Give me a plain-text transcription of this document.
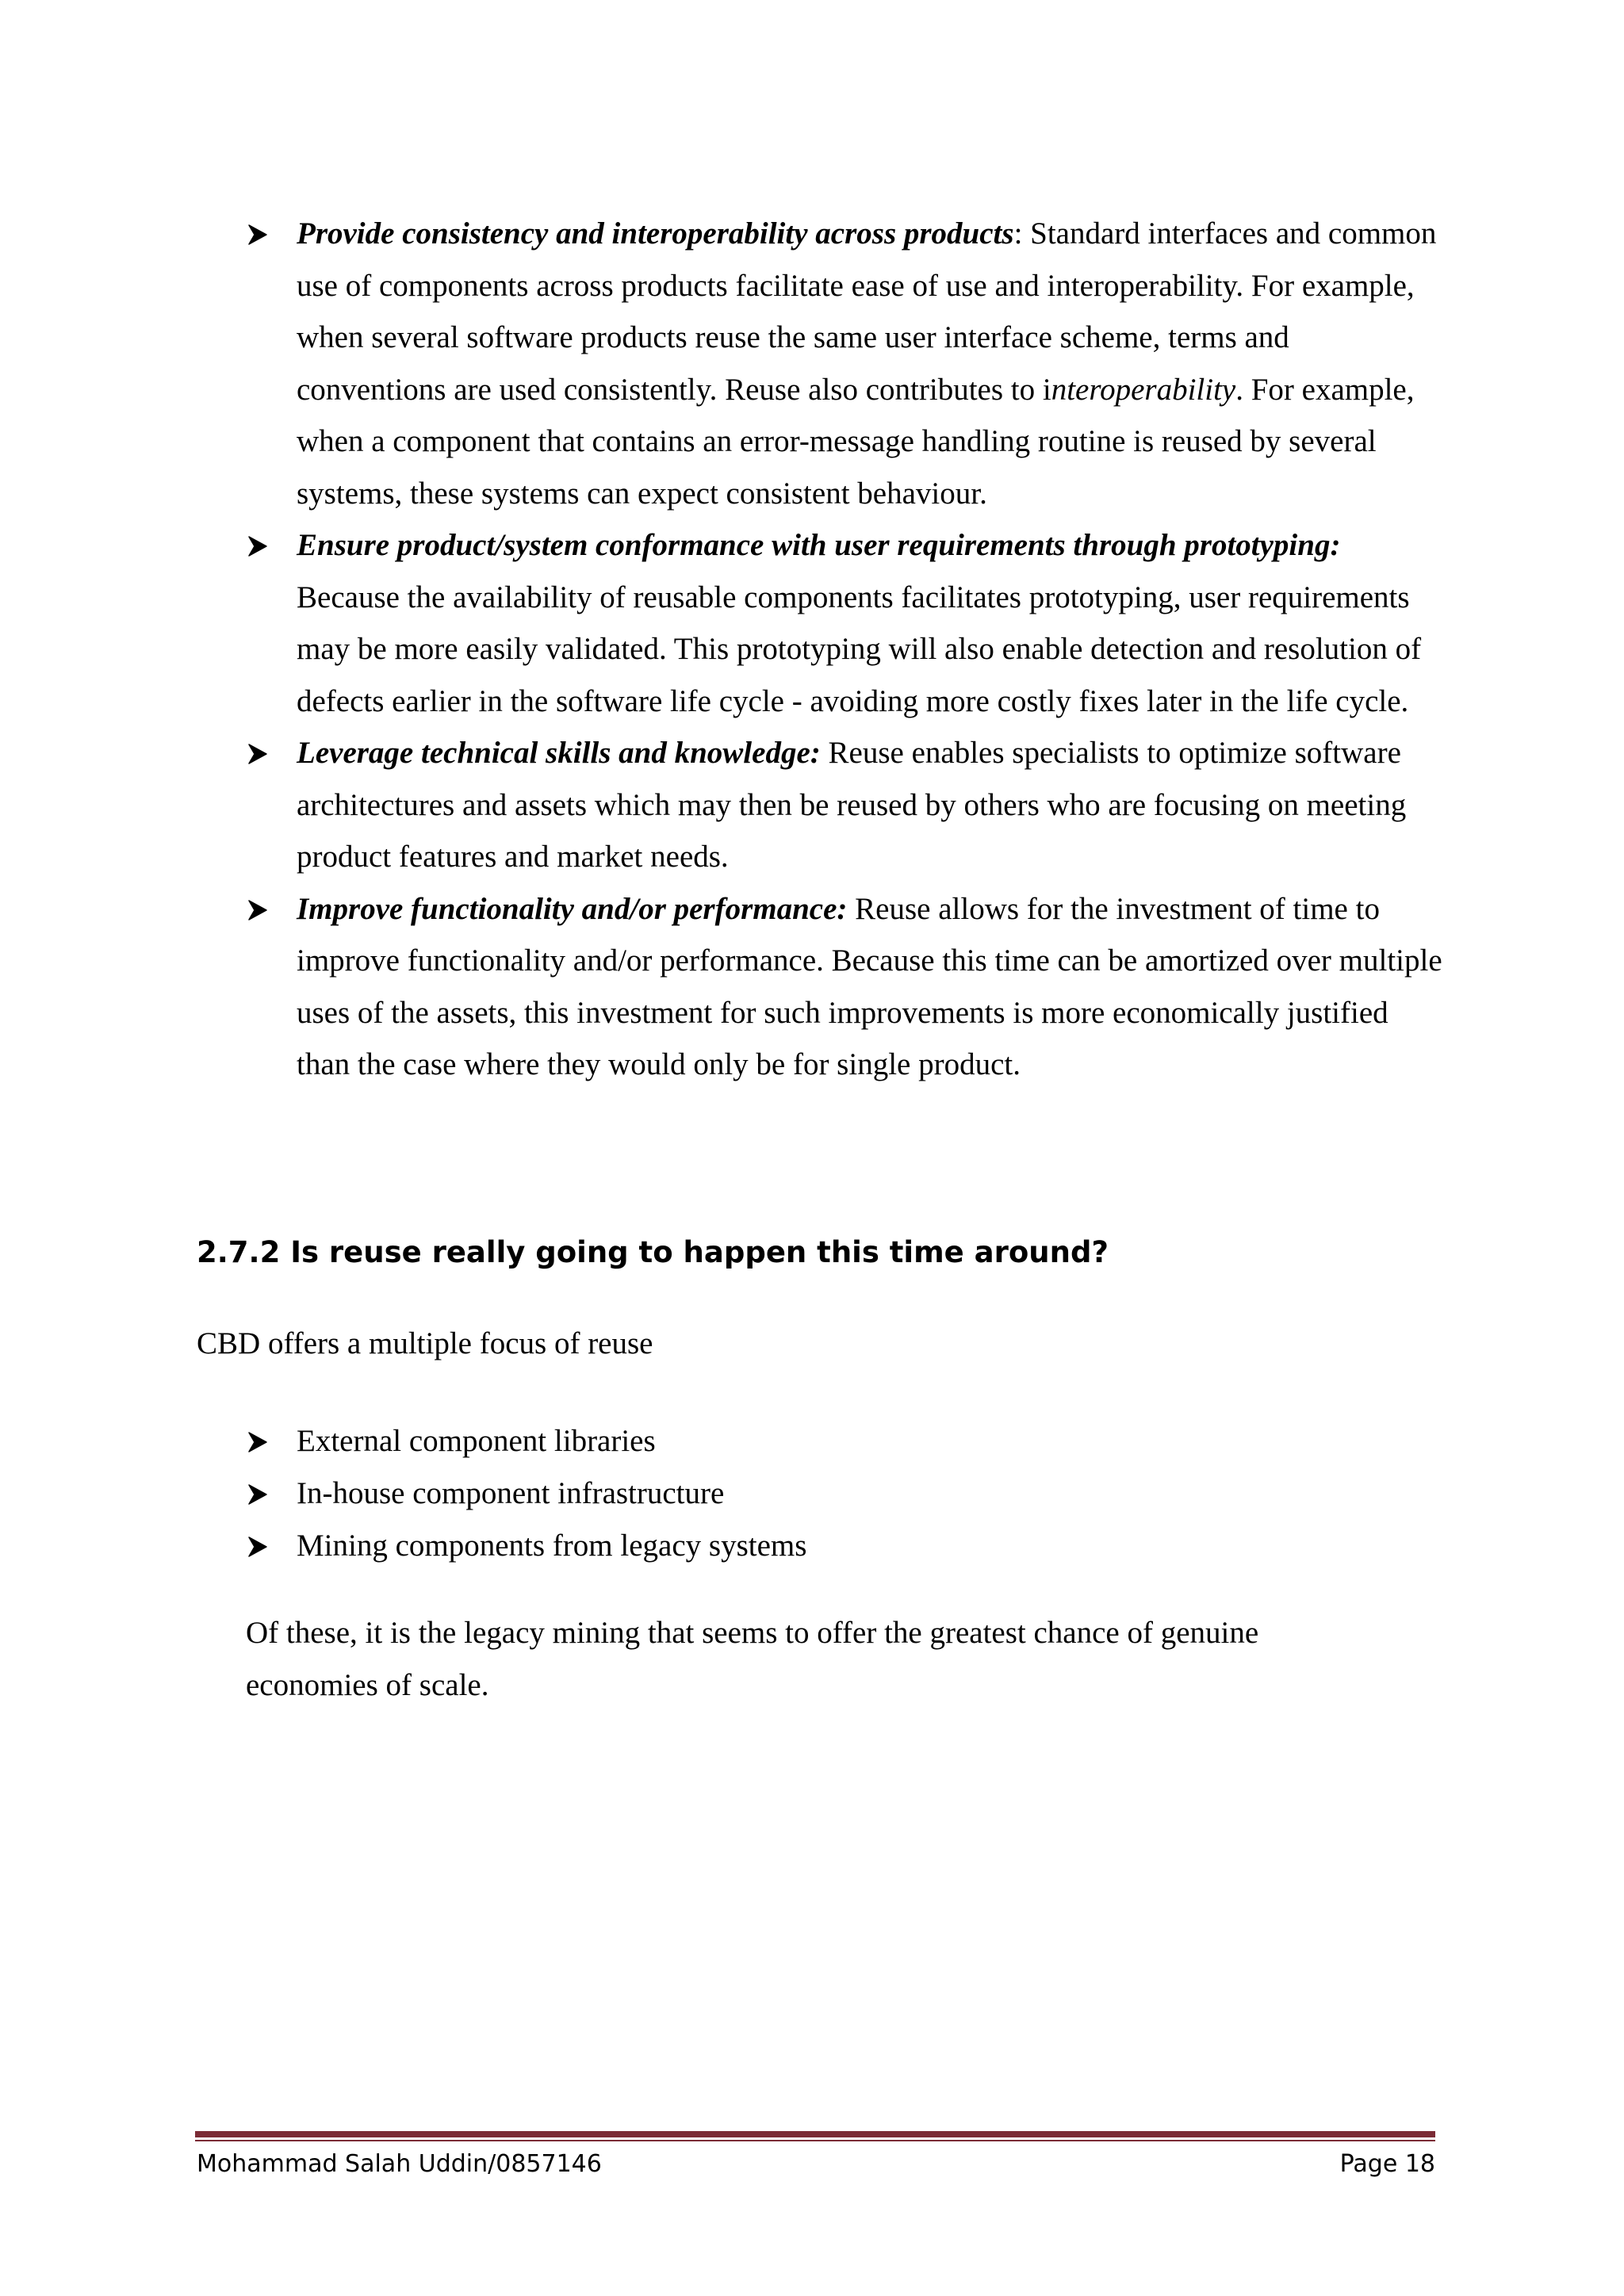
Provide consistency and interoperability across products: Standard interfaces and common use of components across products facilitate ease of use and interoperability. For example, when several software products reuse the same user interface scheme, terms and conventions are used consistently. Reuse also contributes to interoperability. For example, when a component that contains an error-message handling routine is reused by several systems, these systems can expect consistent behaviour.
Ensure product/system conformance with user requirements through prototyping: Because the availability of reusable components facilitates prototyping, user requirements may be more easily validated. This prototyping will also enable detection and resolution of defects earlier in the software life cycle - avoiding more costly fixes later in the life cycle.
Leverage technical skills and knowledge: Reuse enables specialists to optimize software architectures and assets which may then be reused by others who are focusing on meeting product features and market needs.
Improve functionality and/or performance: Reuse allows for the investment of time to improve functionality and/or performance. Because this time can be amortized over multiple uses of the assets, this investment for such improvements is more economically justified than the case where they would only be for single product.
2.7.2 Is reuse really going to happen this time around?

CBD offers a multiple focus of reuse

External component libraries
In-house component infrastructure
Mining components from legacy systems

Of these, it is the legacy mining that seems to offer the greatest chance of genuine economies of scale.

Mohammad Salah Uddin/0857146	Page 18
